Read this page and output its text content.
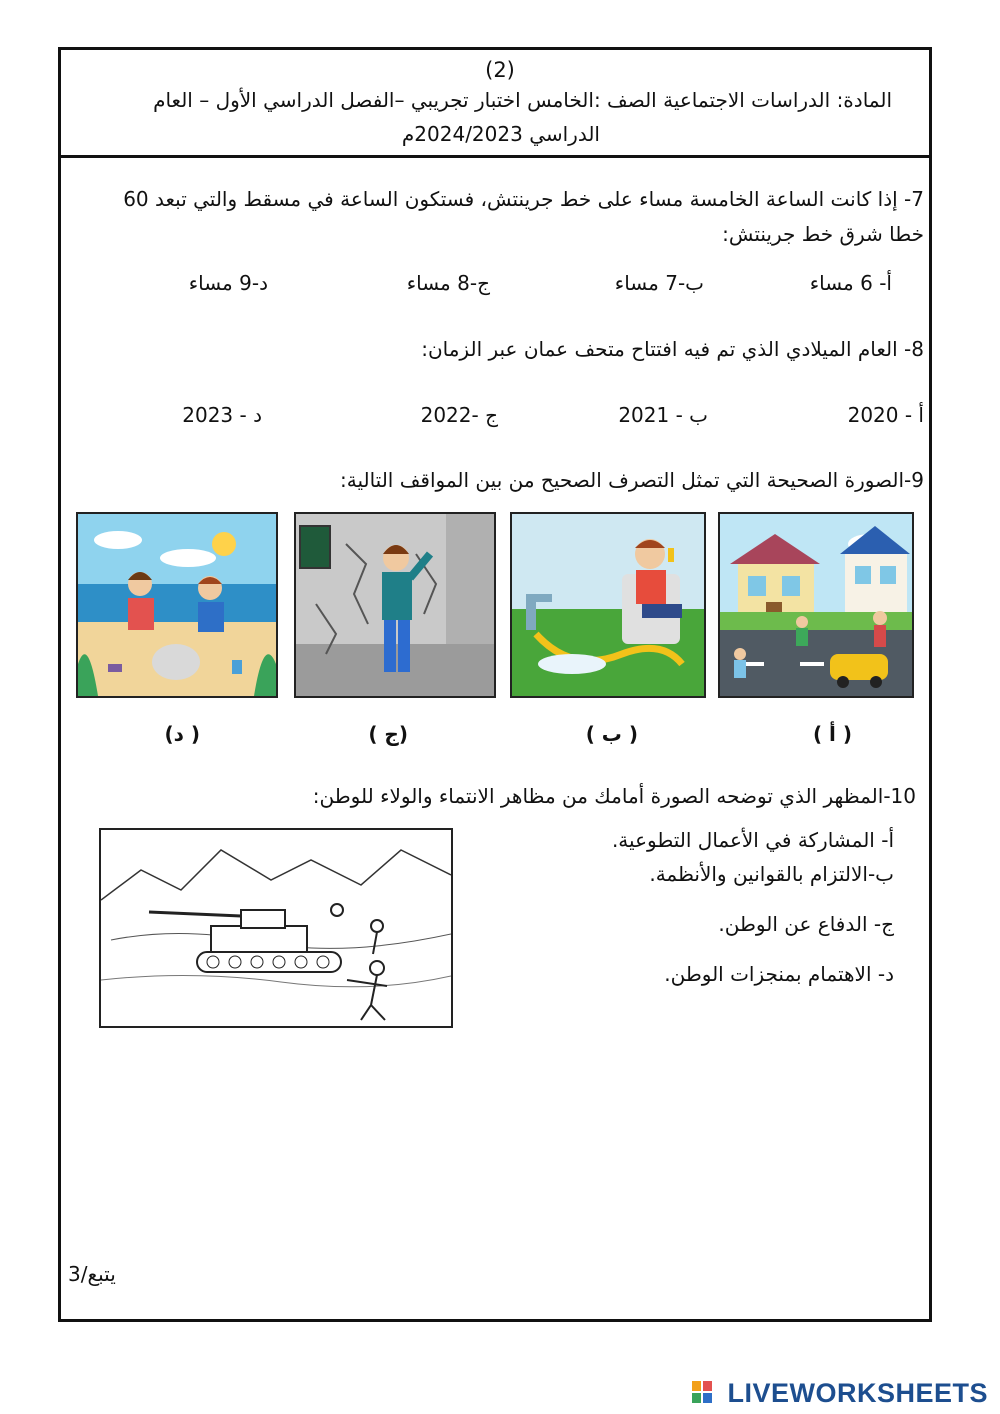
(2)
المادة: الدراسات الاجتماعية الصف :الخامس اختبار تجريبي –الفصل الدراسي الأول – العام
الدراسي 2024/2023م
7- إذا كانت الساعة الخامسة مساء على خط جرينتش، فستكون الساعة في مسقط والتي تبعد 60
خطا شرق خط جرينتش:
أ- 6 مساء
ب-7 مساء
ج-8 مساء
د-9 مساء
8- العام الميلادي الذي تم فيه افتتاح متحف عمان عبر الزمان:
أ - 2020
ب - 2021
ج -2022
د - 2023
9-الصورة الصحيحة التي تمثل التصرف الصحيح من بين المواقف التالية:
( أ )
( ب )
(ج )
( د)
10-المظهر الذي توضحه الصورة أمامك من مظاهر الانتماء والولاء للوطن:
أ- المشاركة في الأعمال التطوعية.
ب-الالتزام بالقوانين والأنظمة.
ج- الدفاع عن الوطن.
د- الاهتمام بمنجزات الوطن.
يتبع/3
LIVEWORKSHEETS
